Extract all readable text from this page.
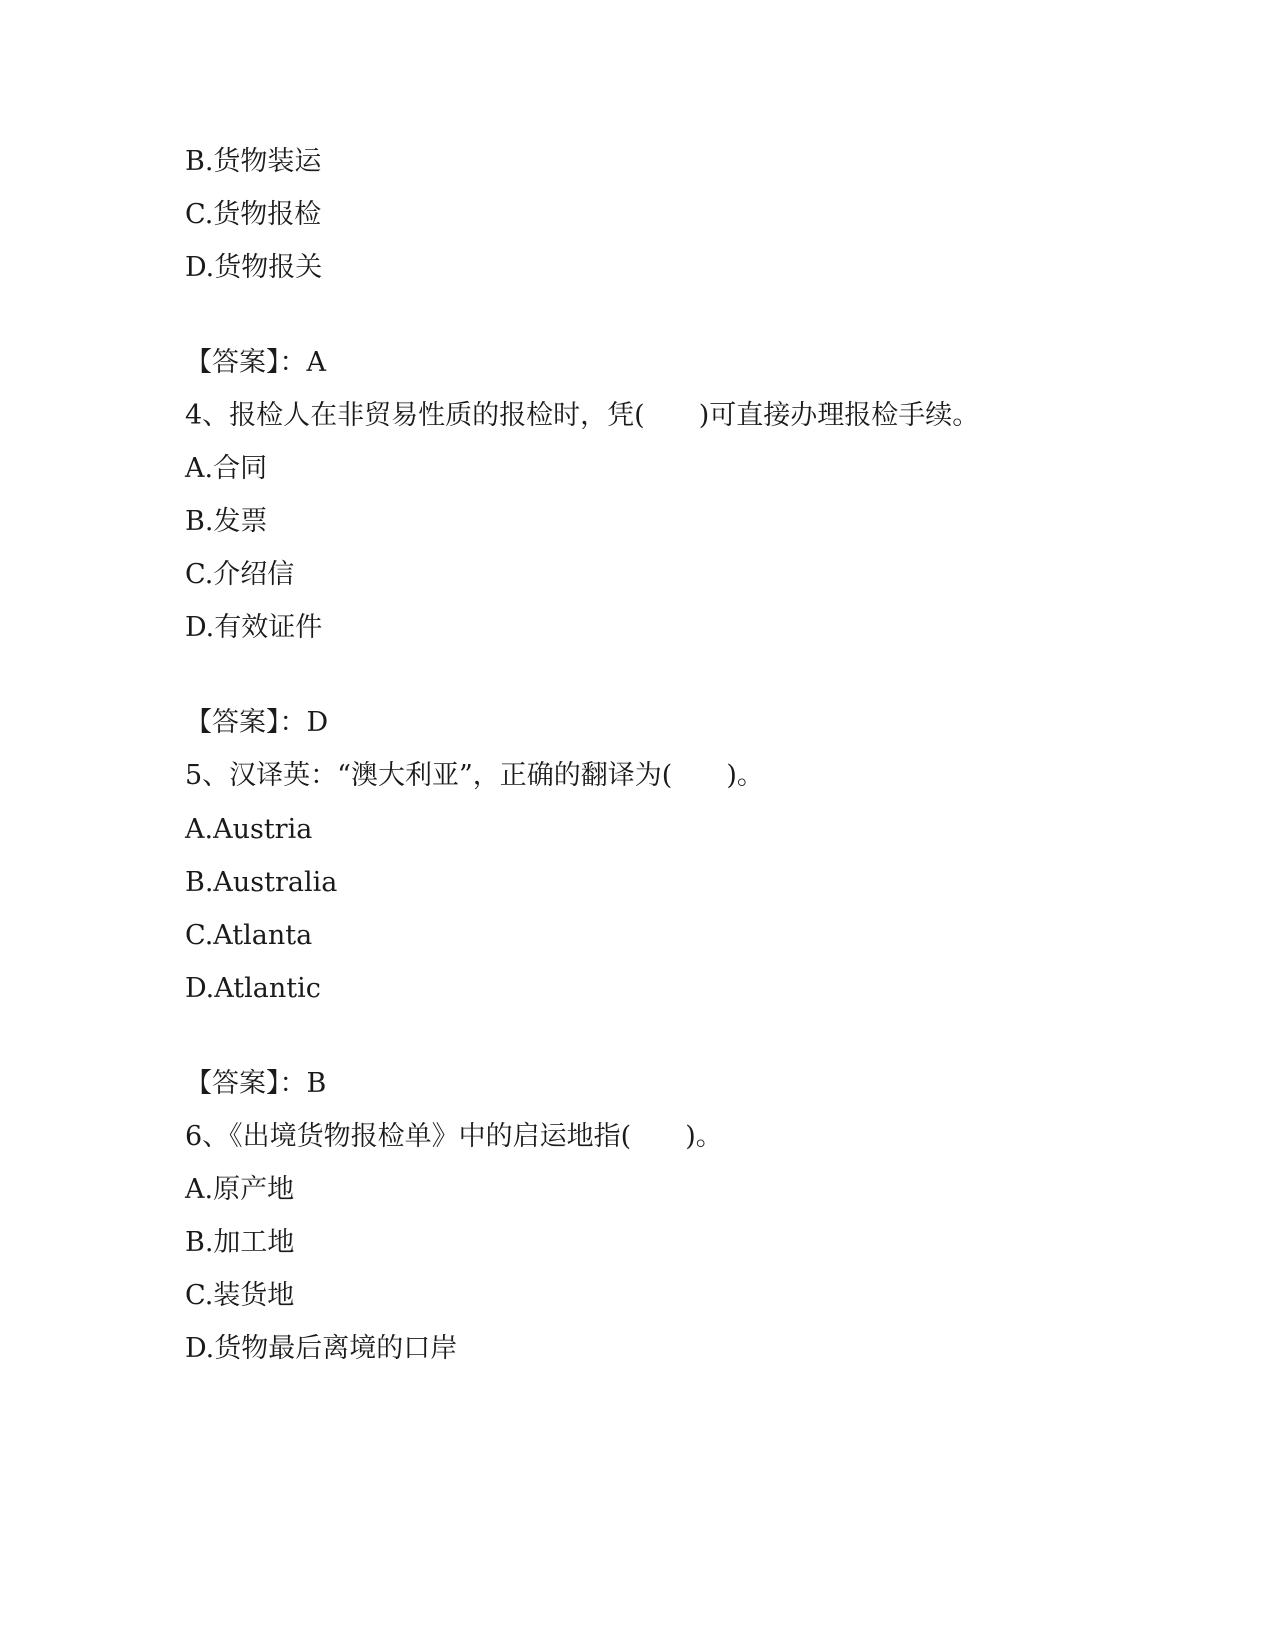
B.货物装运
C.货物报检
D.货物报关
【答案】：A
4、报检人在非贸易性质的报检时，凭(　　)可直接办理报检手续。
A.合同
B.发票
C.介绍信
D.有效证件
【答案】：D
5、汉译英：“澳大利亚”，正确的翻译为(　　)。
A.Austria
B.Australia
C.Atlanta
D.Atlantic
【答案】：B
6、《出境货物报检单》中的启运地指(　　)。
A.原产地
B.加工地
C.装货地
D.货物最后离境的口岸
